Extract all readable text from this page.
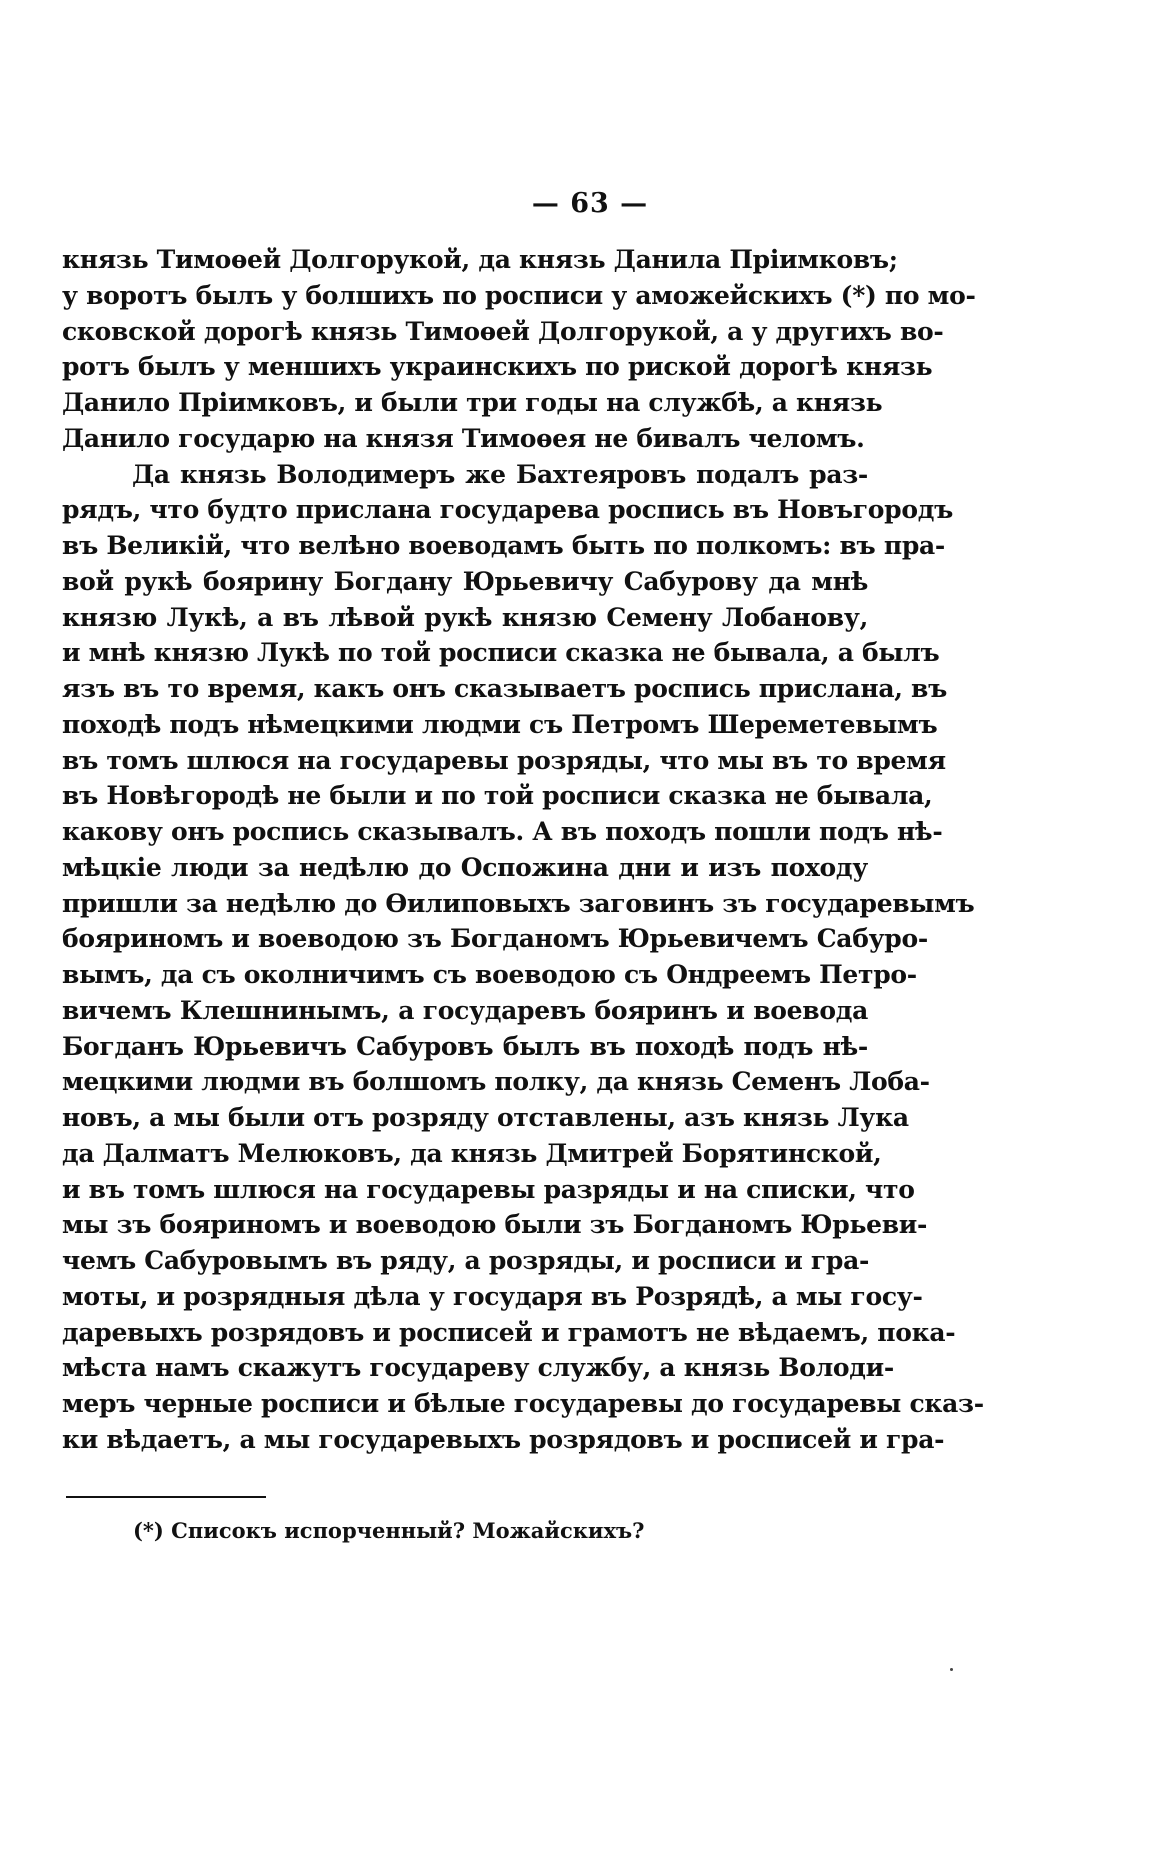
— 63 —
князь Тимоѳей Долгорукой, да князь Данила Пріимковъ;
у воротъ былъ у болшихъ по росписи у аможейскихъ (*) по мо-
сковской дорогѣ князь Тимоѳей Долгорукой, а у другихъ во-
ротъ былъ у меншихъ украинскихъ по риской дорогѣ князь
Данило Пріимковъ, и были три годы на службѣ, а князь
Данило государю на князя Тимоѳея не бивалъ челомъ.
Да князь Володимеръ же Бахтеяровъ подалъ раз-
рядъ, что будто прислана государева роспись въ Новъгородъ
въ Великій, что велѣно воеводамъ быть по полкомъ: въ пра-
вой рукѣ боярину Богдану Юрьевичу Сабурову да мнѣ
князю Лукѣ, а въ лѣвой рукѣ князю Семену Лобанову,
и мнѣ князю Лукѣ по той росписи сказка не бывала, а былъ
язъ въ то время, какъ онъ сказываетъ роспись прислана, въ
походѣ подъ нѣмецкими людми съ Петромъ Шереметевымъ
въ томъ шлюся на государевы розряды, что мы въ то время
въ Новѣгородѣ не были и по той росписи сказка не бывала,
какову онъ роспись сказывалъ. А въ походъ пошли подъ нѣ-
мѣцкіе люди за недѣлю до Оспожина дни и изъ походу
пришли за недѣлю до Ѳилиповыхъ заговинъ зъ государевымъ
бояриномъ и воеводою зъ Богданомъ Юрьевичемъ Сабуро-
вымъ, да съ околничимъ съ воеводою съ Ондреемъ Петро-
вичемъ Клешнинымъ, а государевъ бояринъ и воевода
Богданъ Юрьевичъ Сабуровъ былъ въ походѣ подъ нѣ-
мецкими людми въ болшомъ полку, да князь Семенъ Лоба-
новъ, а мы были отъ розряду отставлены, азъ князь Лука
да Далматъ Мелюковъ, да князь Дмитрей Борятинской,
и въ томъ шлюся на государевы разряды и на списки, что
мы зъ бояриномъ и воеводою были зъ Богданомъ Юрьеви-
чемъ Сабуровымъ въ ряду, а розряды, и росписи и гра-
моты, и розрядныя дѣла у государя въ Розрядѣ, а мы госу-
даревыхъ розрядовъ и росписей и грамотъ не вѣдаемъ, пока-
мѣста намъ скажутъ государеву службу, а князь Володи-
меръ черные росписи и бѣлые государевы до государевы сказ-
ки вѣдаетъ, а мы государевыхъ розрядовъ и росписей и гра-
(*) Списокъ испорченный? Можайскихъ?
